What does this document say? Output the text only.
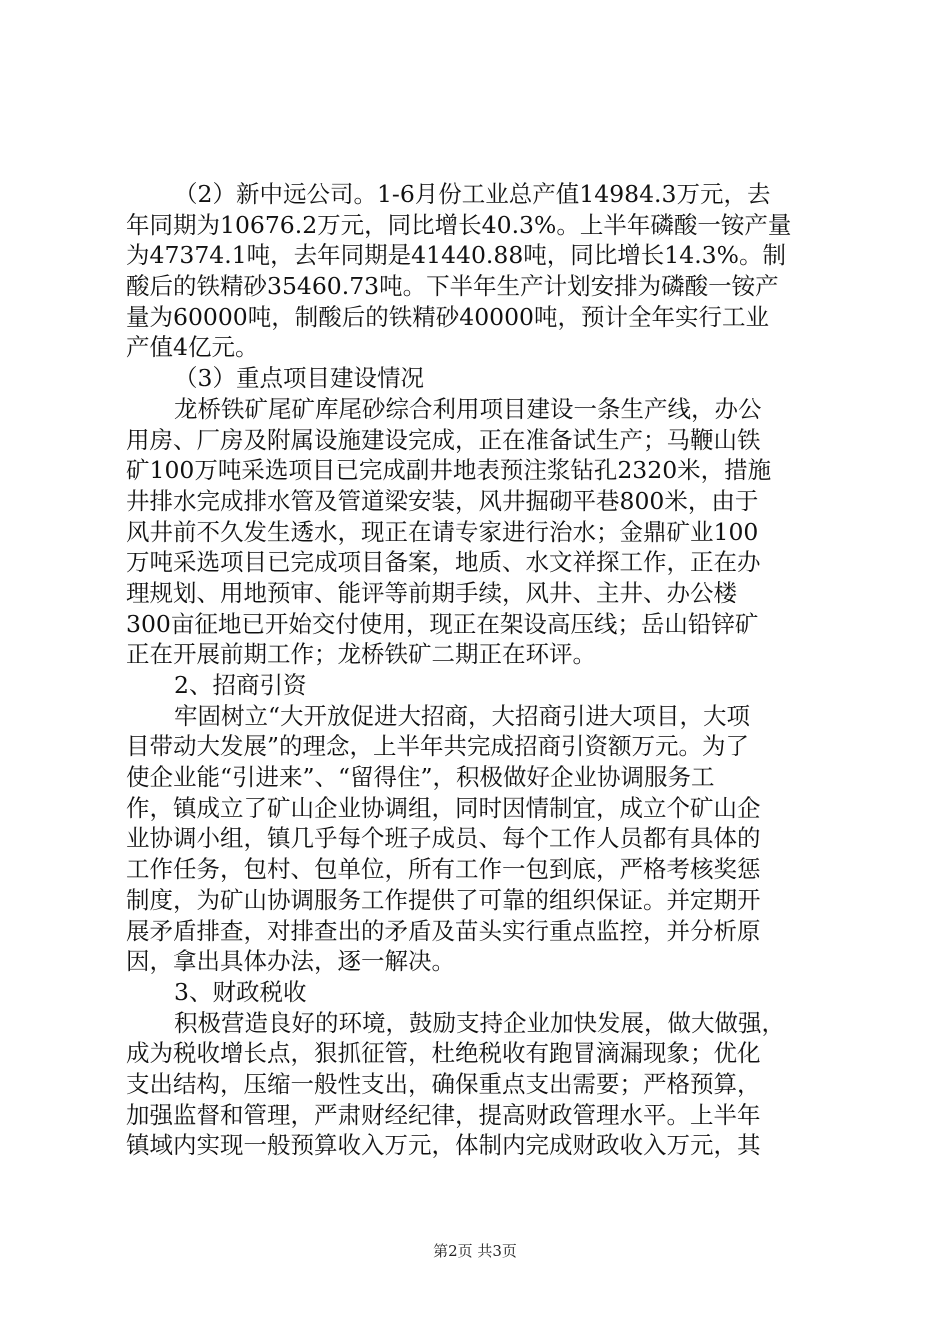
（2）新中远公司。1-6月份工业总产值14984.3万元，去
年同期为10676.2万元，同比增长40.3%。上半年磷酸一铵产量
为47374.1吨，去年同期是41440.88吨，同比增长14.3%。制
酸后的铁精砂35460.73吨。下半年生产计划安排为磷酸一铵产
量为60000吨，制酸后的铁精砂40000吨，预计全年实行工业
产值4亿元。
（3）重点项目建设情况
龙桥铁矿尾矿库尾砂综合利用项目建设一条生产线，办公
用房、厂房及附属设施建设完成，正在准备试生产；马鞭山铁
矿100万吨采选项目已完成副井地表预注浆钻孔2320米，措施
井排水完成排水管及管道梁安装，风井掘砌平巷800米，由于
风井前不久发生透水，现正在请专家进行治水；金鼎矿业100
万吨采选项目已完成项目备案，地质、水文祥探工作，正在办
理规划、用地预审、能评等前期手续，风井、主井、办公楼
300亩征地已开始交付使用，现正在架设高压线；岳山铅锌矿
正在开展前期工作；龙桥铁矿二期正在环评。
2、招商引资
牢固树立“大开放促进大招商，大招商引进大项目，大项
目带动大发展”的理念，上半年共完成招商引资额万元。为了
使企业能“引进来”、“留得住”，积极做好企业协调服务工
作，镇成立了矿山企业协调组，同时因情制宜，成立个矿山企
业协调小组，镇几乎每个班子成员、每个工作人员都有具体的
工作任务，包村、包单位，所有工作一包到底，严格考核奖惩
制度，为矿山协调服务工作提供了可靠的组织保证。并定期开
展矛盾排查，对排查出的矛盾及苗头实行重点监控，并分析原
因，拿出具体办法，逐一解决。
3、财政税收
积极营造良好的环境，鼓励支持企业加快发展，做大做强，
成为税收增长点，狠抓征管，杜绝税收有跑冒滴漏现象；优化
支出结构，压缩一般性支出，确保重点支出需要；严格预算，
加强监督和管理，严肃财经纪律，提高财政管理水平。上半年
镇域内实现一般预算收入万元，体制内完成财政收入万元，其
第2页 共3页
